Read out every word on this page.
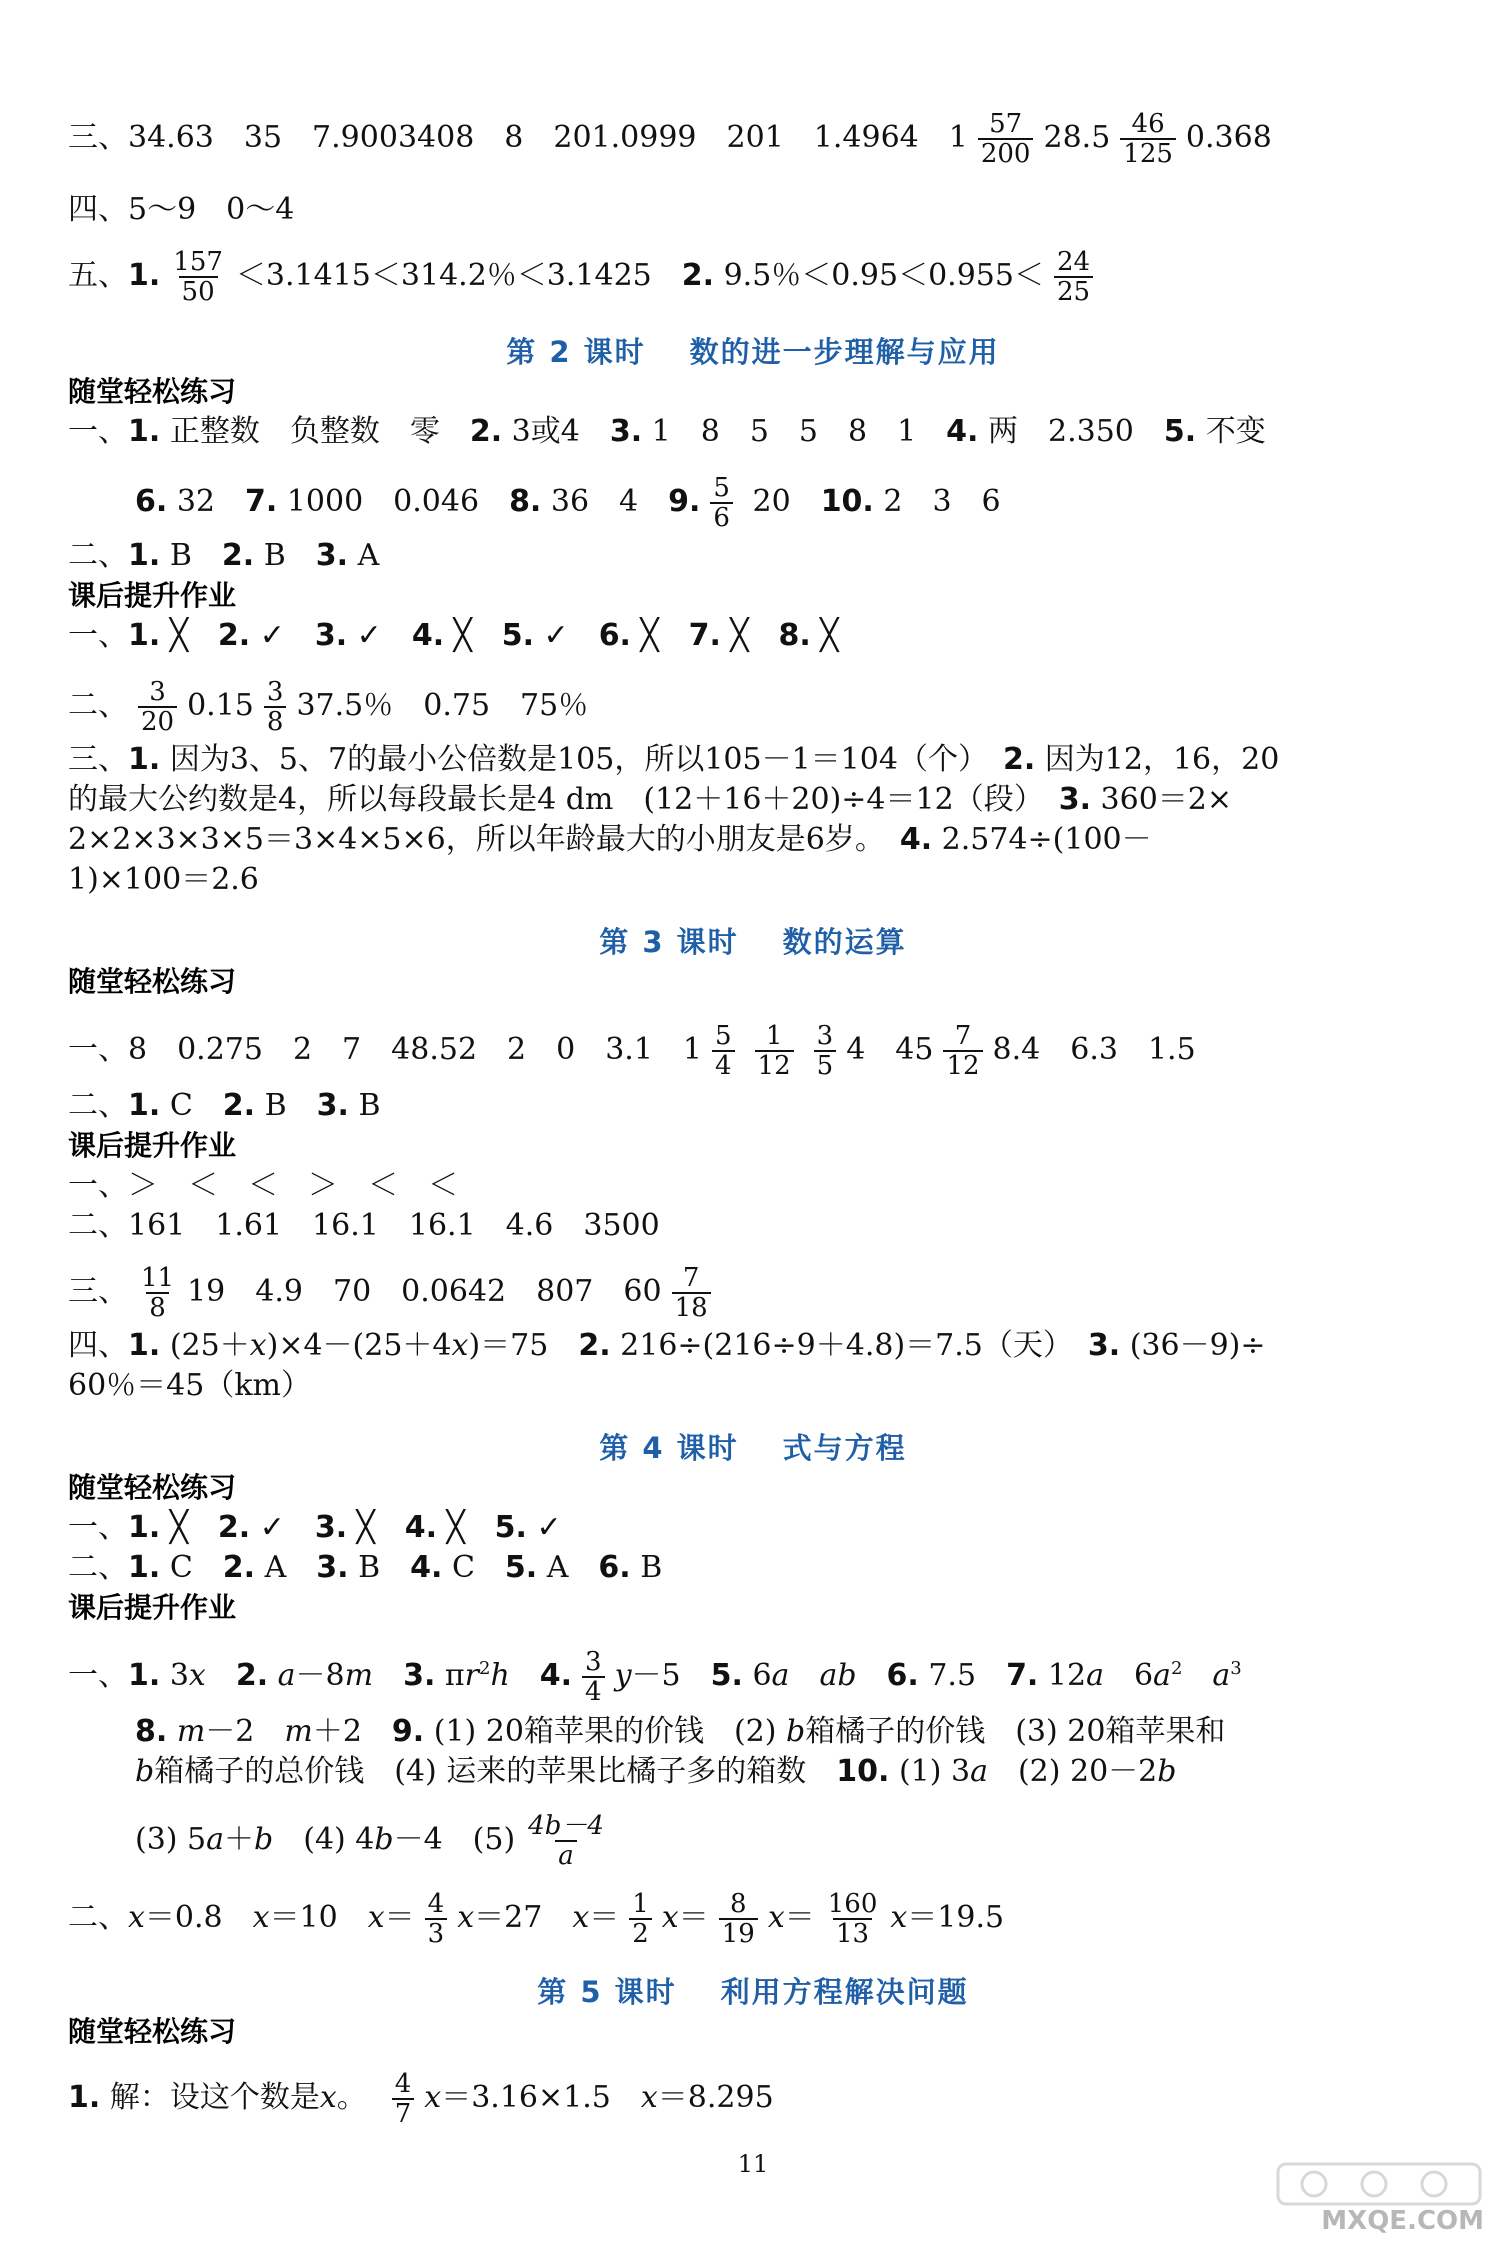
三、34.63　35　7.9003408　8　201.0999　201　1.4964　$1 \frac{57}{200} 28.5 \frac{46}{125} 0.368$
四、5～9　0～4
五、1. $\frac{157}{50} <3.1415<314.2$％＜3.1425　2. 9.5％$<0.95<0.955< \frac{24}{25}$
第 2 课时 数的进一步理解与应用
随堂轻松练习
一、1. 正整数　负整数　零　2. 3或4　3. 1　8　5　5　8　1　4. 两　2.350　5. 不变
6. 32　7. 1000　0.046　8. 36　4　9. $\frac{5}{6} 20$　10. 2　3　6
二、1. B　2. B　3. A
课后提升作业
一、1. ╳　2. ✓　3. ✓　4. ╳　5. ✓　6. ╳　7. ╳　8. ╳
二、 $\frac{3}{20} 0.15 \frac{3}{8} 37.5$％　0.75　75％
三、1. 因为3、5、7的最小公倍数是105，所以105－1＝104（个）　2. 因为12，16，20
的最大公约数是4，所以每段最长是4 dm　(12＋16＋20)÷4＝12（段）　3. 360＝2×
2×2×3×3×5＝3×4×5×6，所以年龄最大的小朋友是6岁。　4. 2.574÷(100－
1)×100＝2.6
第 3 课时 数的运算
随堂轻松练习
一、8　0.275　2　7　48.52　2　0　3.1　$1 \frac{5}{4} \frac{1}{12} \frac{3}{5} 4$　$45 \frac{7}{12} 8.4$　6.3　1.5
二、1. C　2. B　3. B
课后提升作业
一、＞　＜　＜　＞　＜　＜
二、161　1.61　16.1　16.1　4.6　3500
三、 $\frac{11}{8} 19$　4.9　70　0.0642　807　$60 \frac{7}{18}$
四、1. (25＋x)×4－(25＋4x)＝75　2. 216÷(216÷9＋4.8)＝7.5（天）　3. (36－9)÷
60％＝45（km）
第 4 课时 式与方程
随堂轻松练习
一、1. ╳　2. ✓　3. ╳　4. ╳　5. ✓
二、1. C　2. A　3. B　4. C　5. A　6. B
课后提升作业
一、1. 3x　 2. a－8m　 3. $\pi r^2h$　 4. $\frac{3}{4} y-5$　5. 6a　 ab　 6. 7.5　7. 12a　$6a^2$　 $a^3$
8. m－2　m＋2　9. (1) 20箱苹果的价钱　(2) b箱橘子的价钱　(3) 20箱苹果和
b箱橘子的总价钱　(4) 运来的苹果比橘子多的箱数　10. (1) 3a　(2) 20－2b
(3) 5a＋b　(4) 4b－4　$(5) \frac{4b-4}{a}$
二、x＝0.8　x＝10　$x= \frac{4}{3} x=27$　$x= \frac{1}{2} x= \frac{8}{19} x= \frac{160}{13} x=19.5$
第 5 课时 利用方程解决问题
随堂轻松练习
1. 解：设这个数是x。　 $\frac{4}{7} x=3.16\times 1.5$　x＝8.295
11
MXQE.COM
